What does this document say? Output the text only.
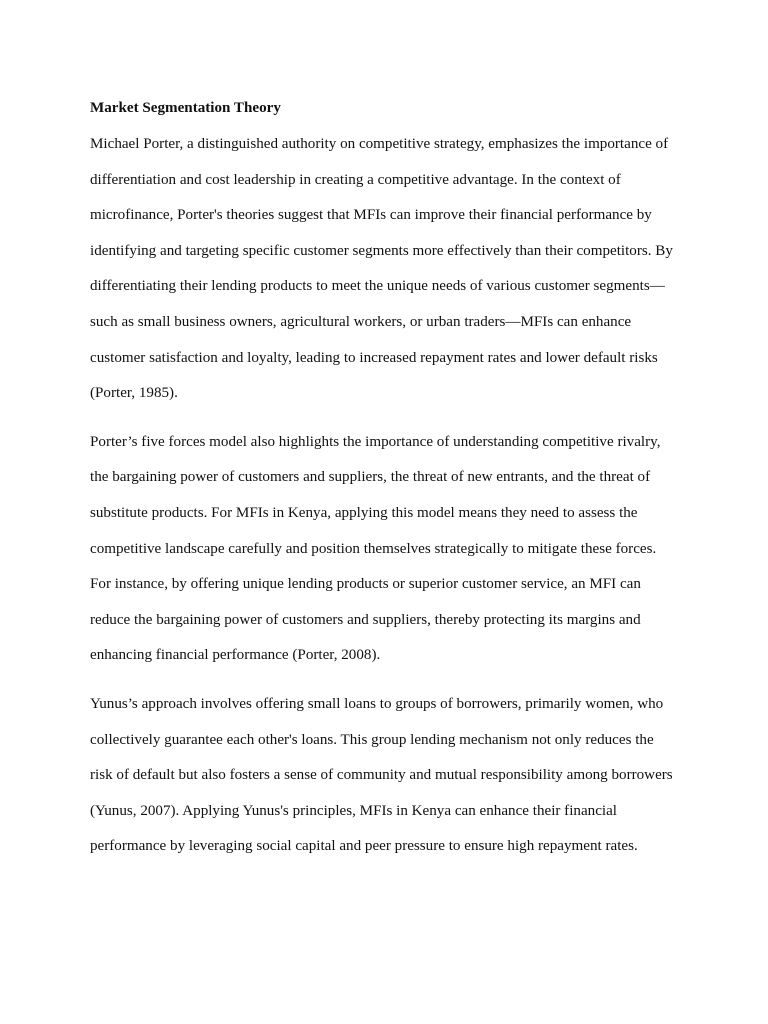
Market Segmentation Theory
Michael Porter, a distinguished authority on competitive strategy, emphasizes the importance of
differentiation and cost leadership in creating a competitive advantage. In the context of
microfinance, Porter's theories suggest that MFIs can improve their financial performance by
identifying and targeting specific customer segments more effectively than their competitors. By
differentiating their lending products to meet the unique needs of various customer segments—
such as small business owners, agricultural workers, or urban traders—MFIs can enhance
customer satisfaction and loyalty, leading to increased repayment rates and lower default risks
(Porter, 1985).
Porter’s five forces model also highlights the importance of understanding competitive rivalry,
the bargaining power of customers and suppliers, the threat of new entrants, and the threat of
substitute products. For MFIs in Kenya, applying this model means they need to assess the
competitive landscape carefully and position themselves strategically to mitigate these forces.
For instance, by offering unique lending products or superior customer service, an MFI can
reduce the bargaining power of customers and suppliers, thereby protecting its margins and
enhancing financial performance (Porter, 2008).
Yunus’s approach involves offering small loans to groups of borrowers, primarily women, who
collectively guarantee each other's loans. This group lending mechanism not only reduces the
risk of default but also fosters a sense of community and mutual responsibility among borrowers
(Yunus, 2007). Applying Yunus's principles, MFIs in Kenya can enhance their financial
performance by leveraging social capital and peer pressure to ensure high repayment rates.
